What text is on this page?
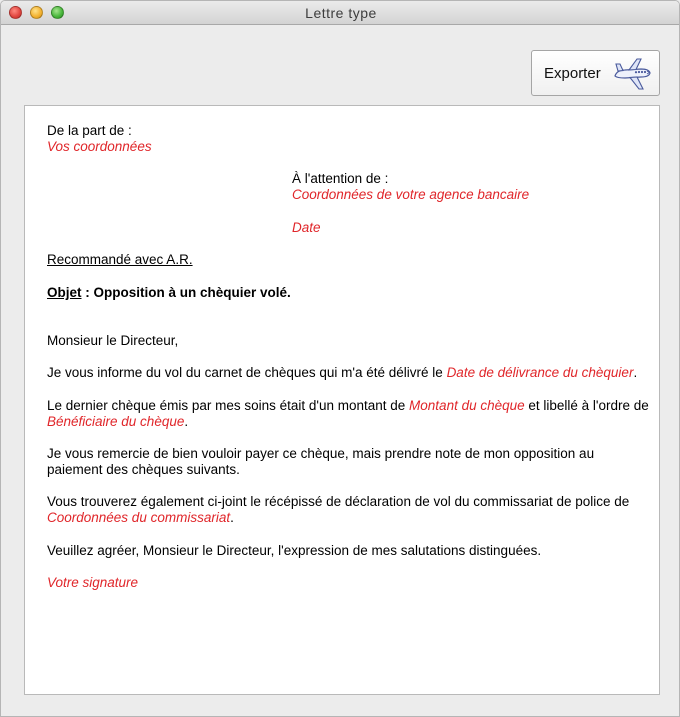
Lettre type
Exporter
De la part de :
Vos coordonnées
À l'attention de :
Coordonnées de votre agence bancaire
Date
Recommandé avec A.R.
Objet : Opposition à un chèquier volé.
Monsieur le Directeur,
Je vous informe du vol du carnet de chèques qui m'a été délivré le Date de délivrance du chèquier.
Le dernier chèque émis par mes soins était d'un montant de Montant du chèque et libellé à l'ordre de
Bénéficiaire du chèque.
Je vous remercie de bien vouloir payer ce chèque, mais prendre note de mon opposition au
paiement des chèques suivants.
Vous trouverez également ci-joint le récépissé de déclaration de vol du commissariat de police de
Coordonnées du commissariat.
Veuillez agréer, Monsieur le Directeur, l'expression de mes salutations distinguées.
Votre signature
